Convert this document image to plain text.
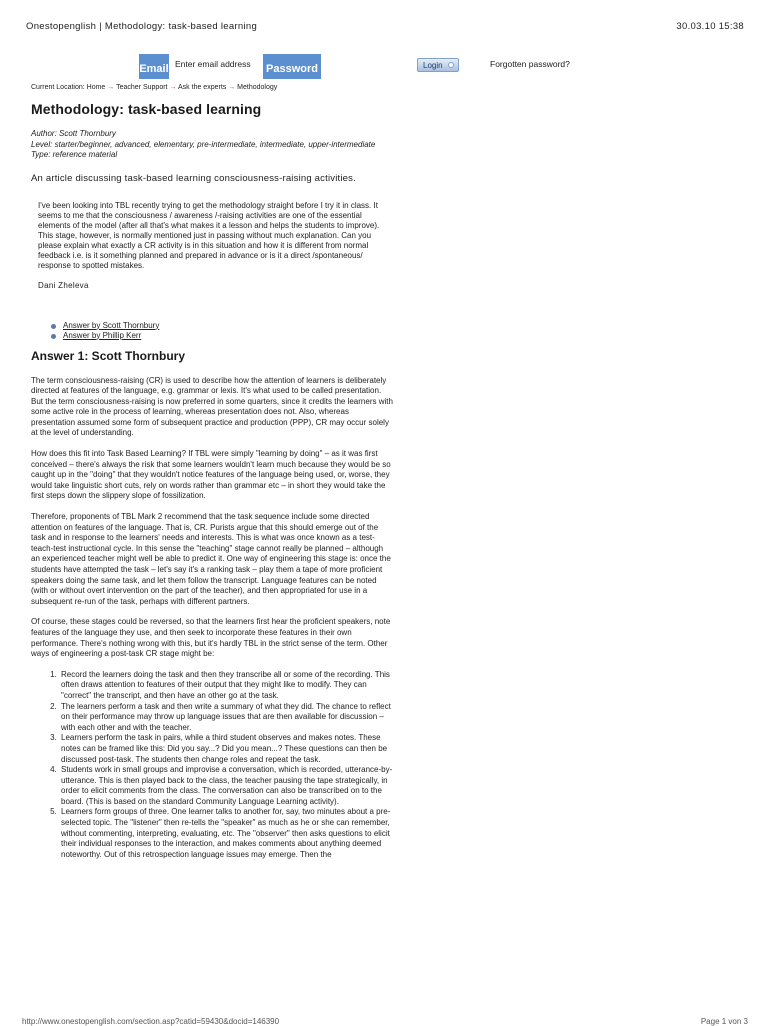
Onestopenglish | Methodology: task-based learning	30.03.10 15:38
Email Enter email address Password	Login	Forgotten password?
Current Location: Home → Teacher Support → Ask the experts → Methodology
Methodology: task-based learning
Author: Scott Thornbury
Level: starter/beginner, advanced, elementary, pre-intermediate, intermediate, upper-intermediate Type: reference material
An article discussing task-based learning consciousness-raising activities.

I've been looking into TBL recently trying to get the methodology straight before I try it in class. It seems to me that the consciousness / awareness /-raising activities are one of the essential elements of the model (after all that's what makes it a lesson and helps the students to improve). This stage, however, is normally mentioned just in passing without much explanation. Can you please explain what exactly a CR activity is in this situation and how it is different from normal feedback i.e. is it something planned and prepared in advance or is it a direct /spontaneous/ response to spotted mistakes.

Dani Zheleva

Answer by Scott Thornbury
Answer by Phillip Kerr
Answer 1: Scott Thornbury

The term consciousness-raising (CR) is used to describe how the attention of learners is deliberately directed at features of the language, e.g. grammar or lexis. It's what used to be called presentation. But the term consciousness-raising is now preferred in some quarters, since it credits the learners with some active role in the process of learning, whereas presentation does not. Also, whereas presentation assumed some form of subsequent practice and production (PPP), CR may occur solely at the level of understanding.

How does this fit into Task Based Learning? If TBL were simply "learning by doing" – as it was first conceived – there's always the risk that some learners wouldn't learn much because they would be so caught up in the "doing" that they wouldn't notice features of the language being used, or, worse, they would take linguistic short cuts, rely on words rather than grammar etc – in short they would take the first steps down the slippery slope of fossilization.

Therefore, proponents of TBL Mark 2 recommend that the task sequence include some directed attention on features of the language. That is, CR. Purists argue that this should emerge out of the task and in response to the learners' needs and interests. This is what was once known as a test-teach-test instructional cycle. In this sense the "teaching" stage cannot really be planned – although an experienced teacher might well be able to predict it. One way of engineering this stage is: once the students have attempted the task – let's say it's a ranking task – play them a tape of more proficient speakers doing the same task, and let them follow the transcript. Language features can be noted (with or without overt intervention on the part of the teacher), and then appropriated for use in a subsequent re-run of the task, perhaps with different partners.

Of course, these stages could be reversed, so that the learners first hear the proficient speakers, note features of the language they use, and then seek to incorporate these features in their own performance. There's nothing wrong with this, but it's hardly TBL in the strict sense of the term. Other ways of engineering a post-task CR stage might be:

1. Record the learners doing the task and then they transcribe all or some of the recording. This often draws attention to features of their output that they might like to modify. They can "correct" the transcript, and then have an other go at the task.
2. The learners perform a task and then write a summary of what they did. The chance to reflect on their performance may throw up language issues that are then available for discussion – with each other and with the teacher.
3. Learners perform the task in pairs, while a third student observes and makes notes. These notes can be framed like this: Did you say...? Did you mean...? These questions can then be discussed post-task. The students then change roles and repeat the task.
4. Students work in small groups and improvise a conversation, which is recorded, utterance-by-utterance. This is then played back to the class, the teacher pausing the tape strategically, in order to elicit comments from the class. The conversation can also be transcribed on to the board. (This is based on the standard Community Language Learning activity).
5. Learners form groups of three. One learner talks to another for, say, two minutes about a pre-selected topic. The "listener" then re-tells the "speaker" as much as he or she can remember, without commenting, interpreting, evaluating, etc. The "observer" then asks questions to elicit their individual responses to the interaction, and makes comments about anything deemed noteworthy. Out of this retrospection language issues may emerge. Then the
http://www.onestopenglish.com/section.asp?catid=59430&docid=146390	Page 1 von 3
